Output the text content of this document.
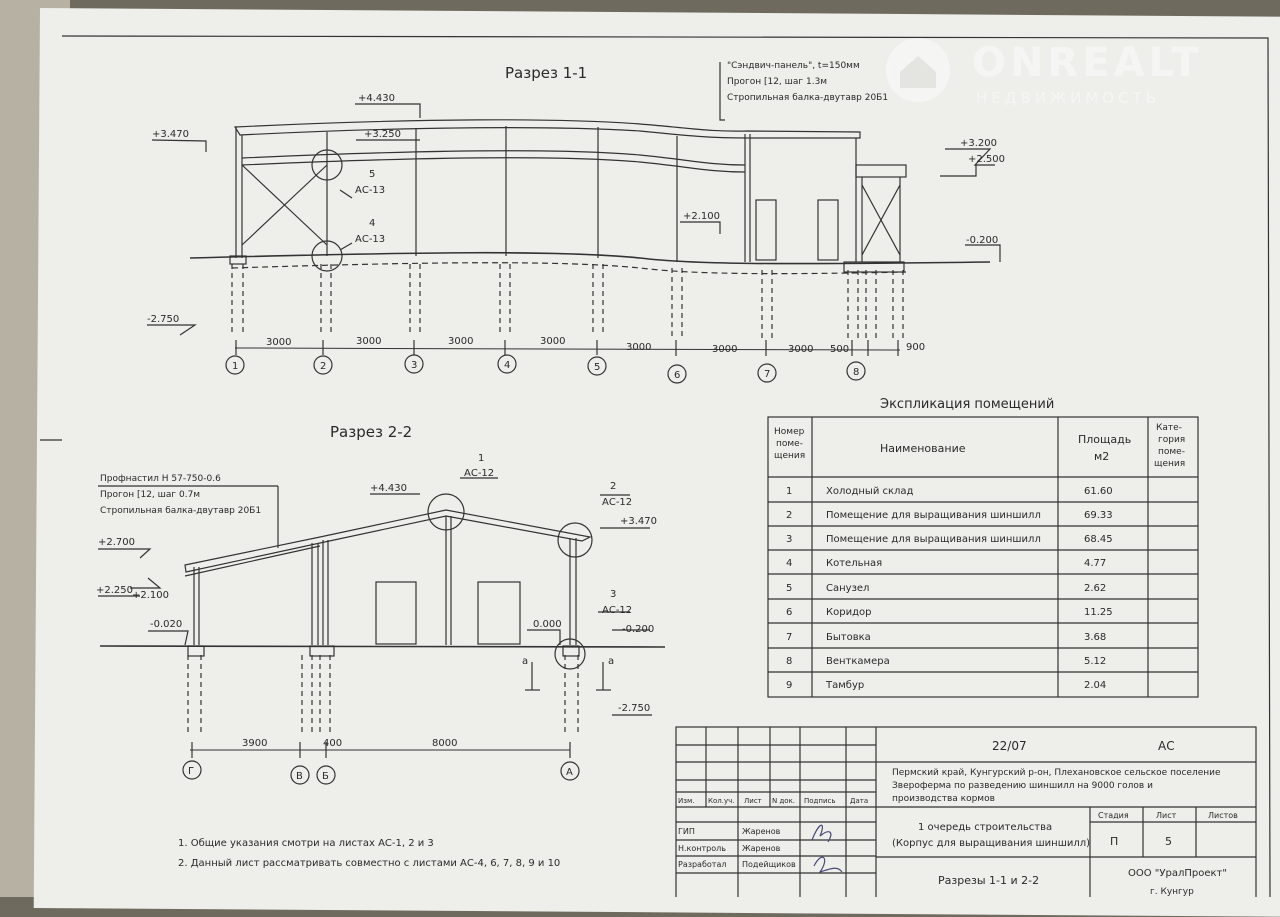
ONREALT
НЕДВИЖИМОСТЬ
Разрез 1-1	"Сэндвич-панель", t=150мм
Прогон [12, шаг 1.3м
Стропильная балка-двутавр 20Б1
+4.430
+3.470	+3.250
+3.200
+2.500
+2.100
-0.200
-2.750
5
АС-13
4
АС-13
3000	3000	3000	3000
3000	3000	3000 500	900
1	2	3	4	5
6	7	8
Разрез 2-2
Профнастил Н 57-750-0.6
Прогон [12, шаг 0.7м
Стропильная балка-двутавр 20Б1
+4.430
+3.470
+2.700
+2.250
+2.100
-0.020	0.000	-0.200
-2.750
1
АС-12
2
АС-12
3
АС-12
а	а
3900	400	8000
Г	В Б	А
1. Общие указания смотри на листах АС-1, 2 и 3
2. Данный лист рассматривать совместно с листами АС-4, 6, 7, 8, 9 и 10
Экспликация помещений
Номер
поме-
щения
Наименование
Площадь
м2
Кате-
гория
поме-
щения
1	Холодный склад	61.60
2	Помещение для выращивания шиншилл	69.33
3	Помещение для выращивания шиншилл	68.45
4	Котельная	4.77
5	Санузел	2.62
6	Коридор	11.25
7	Бытовка	3.68
8	Венткамера	5.12
9	Тамбур	2.04
22/07	АС
Пермский край, Кунгурский р-он, Плехановское сельское поселение
Звероферма по разведению шиншилл на 9000 голов и
производства кормов
Изм. Кол.уч. Лист N док. Подпись Дата
ГИП	Жаренов
Н.контроль Жаренов
Разработал Подейщиков
1 очередь строительства
(Корпус для выращивания шиншилл)
Стадия	Лист	Листов
П	5
Разрезы 1-1 и 2-2
ООО "УралПроект"
г. Кунгур
